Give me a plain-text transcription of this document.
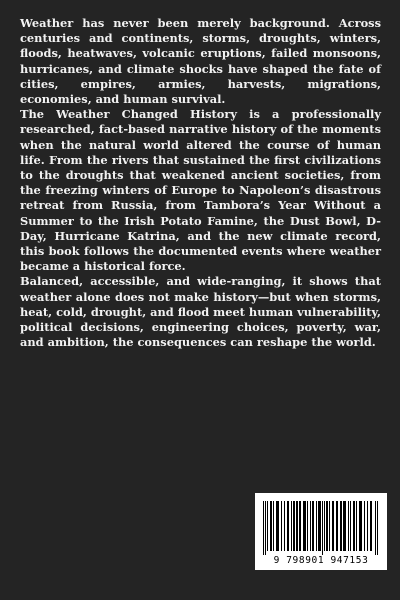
Weather has never been merely background. Across centuries and continents, storms, droughts, winters, floods, heatwaves, volcanic eruptions, failed monsoons, hurricanes, and climate shocks have shaped the fate of cities, empires, armies, harvests, migrations, economies, and human survival.

The Weather Changed History is a professionally researched, fact-based narrative history of the moments when the natural world altered the course of human life. From the rivers that sustained the first civilizations to the droughts that weakened ancient societies, from the freezing winters of Europe to Napoleon’s disastrous retreat from Russia, from Tambora’s Year Without a Summer to the Irish Potato Famine, the Dust Bowl, D-Day, Hurricane Katrina, and the new climate record, this book follows the documented events where weather became a historical force.

Balanced, accessible, and wide-ranging, it shows that weather alone does not make history—but when storms, heat, cold, drought, and flood meet human vulnerability, political decisions, engineering choices, poverty, war, and ambition, the consequences can reshape the world.

9 798901 947153
